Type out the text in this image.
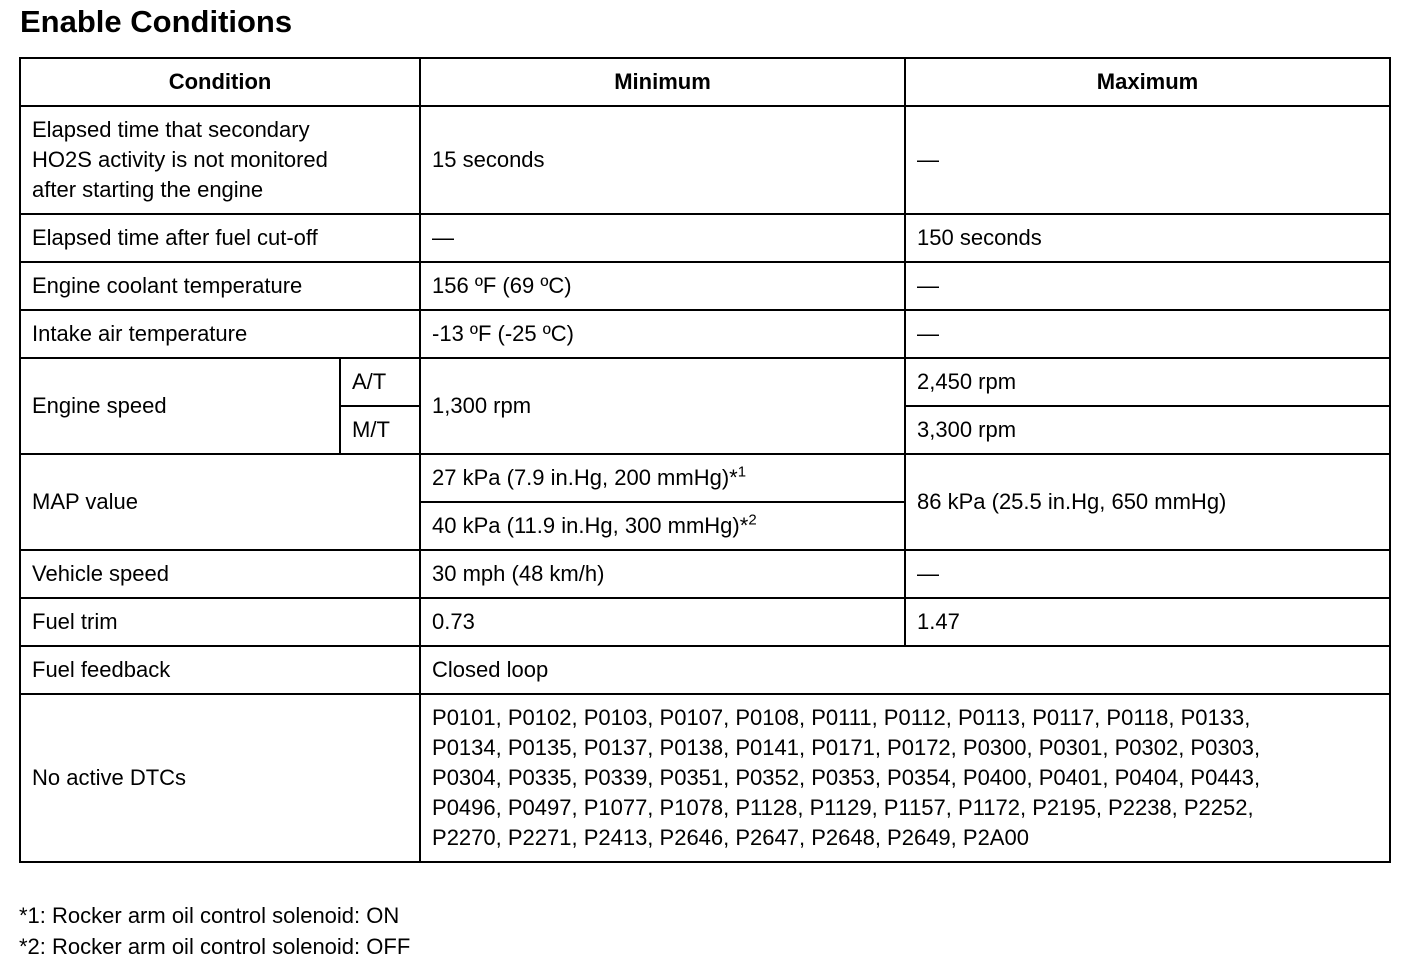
Enable Conditions
Condition		Minimum	Maximum

Elapsed time that secondary
HO2S activity is not monitored
after starting the engine		15 seconds	—
Elapsed time after fuel cut-off		—	150 seconds
Engine coolant temperature		156 ºF (69 ºC)	—
Intake air temperature		-13 ºF (-25 ºC)	—
Engine speed	A/T	1,300 rpm	2,450 rpm
	M/T		3,300 rpm
MAP value		27 kPa (7.9 in.Hg, 200 mmHg)*$^1$	86 kPa (25.5 in.Hg, 650 mmHg)
		40 kPa (11.9 in.Hg, 300 mmHg)*$^2$
Vehicle speed		30 mph (48 km/h)	—
Fuel trim		0.73	1.47
Fuel feedback		Closed loop	
No active DTCs		P0101, P0102, P0103, P0107, P0108, P0111, P0112, P0113, P0117, P0118, P0133,
P0134, P0135, P0137, P0138, P0141, P0171, P0172, P0300, P0301, P0302, P0303,
P0304, P0335, P0339, P0351, P0352, P0353, P0354, P0400, P0401, P0404, P0443,
P0496, P0497, P1077, P1078, P1128, P1129, P1157, P1172, P2195, P2238, P2252,
P2270, P2271, P2413, P2646, P2647, P2648, P2649, P2A00	
*1: Rocker arm oil control solenoid: ON
*2: Rocker arm oil control solenoid: OFF
